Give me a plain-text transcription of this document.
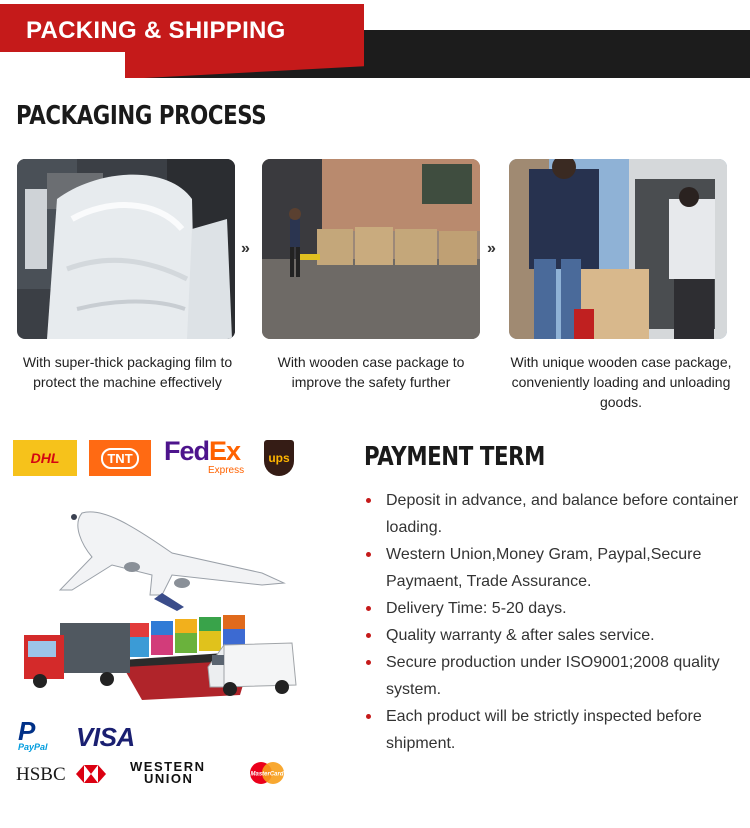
PACKING & SHIPPING
PACKAGING PROCESS
»	»
With super-thick packaging film to protect the machine effectively
With wooden case package to improve the safety further
With unique wooden case package, conveniently loading and unloading goods.
DHL	TNT FedEx
Express
ups
P
PayPal	VISA
HSBC	WESTERN
UNION	MasterCard
PAYMENT TERM
Deposit in advance, and balance before container loading.
Western Union,Money Gram, Paypal,Secure Paymaent, Trade Assurance.
Delivery Time: 5-20 days.
Quality warranty & after sales service.
Secure production under ISO9001;2008 quality system.
Each product will be strictly inspected before shipment.
